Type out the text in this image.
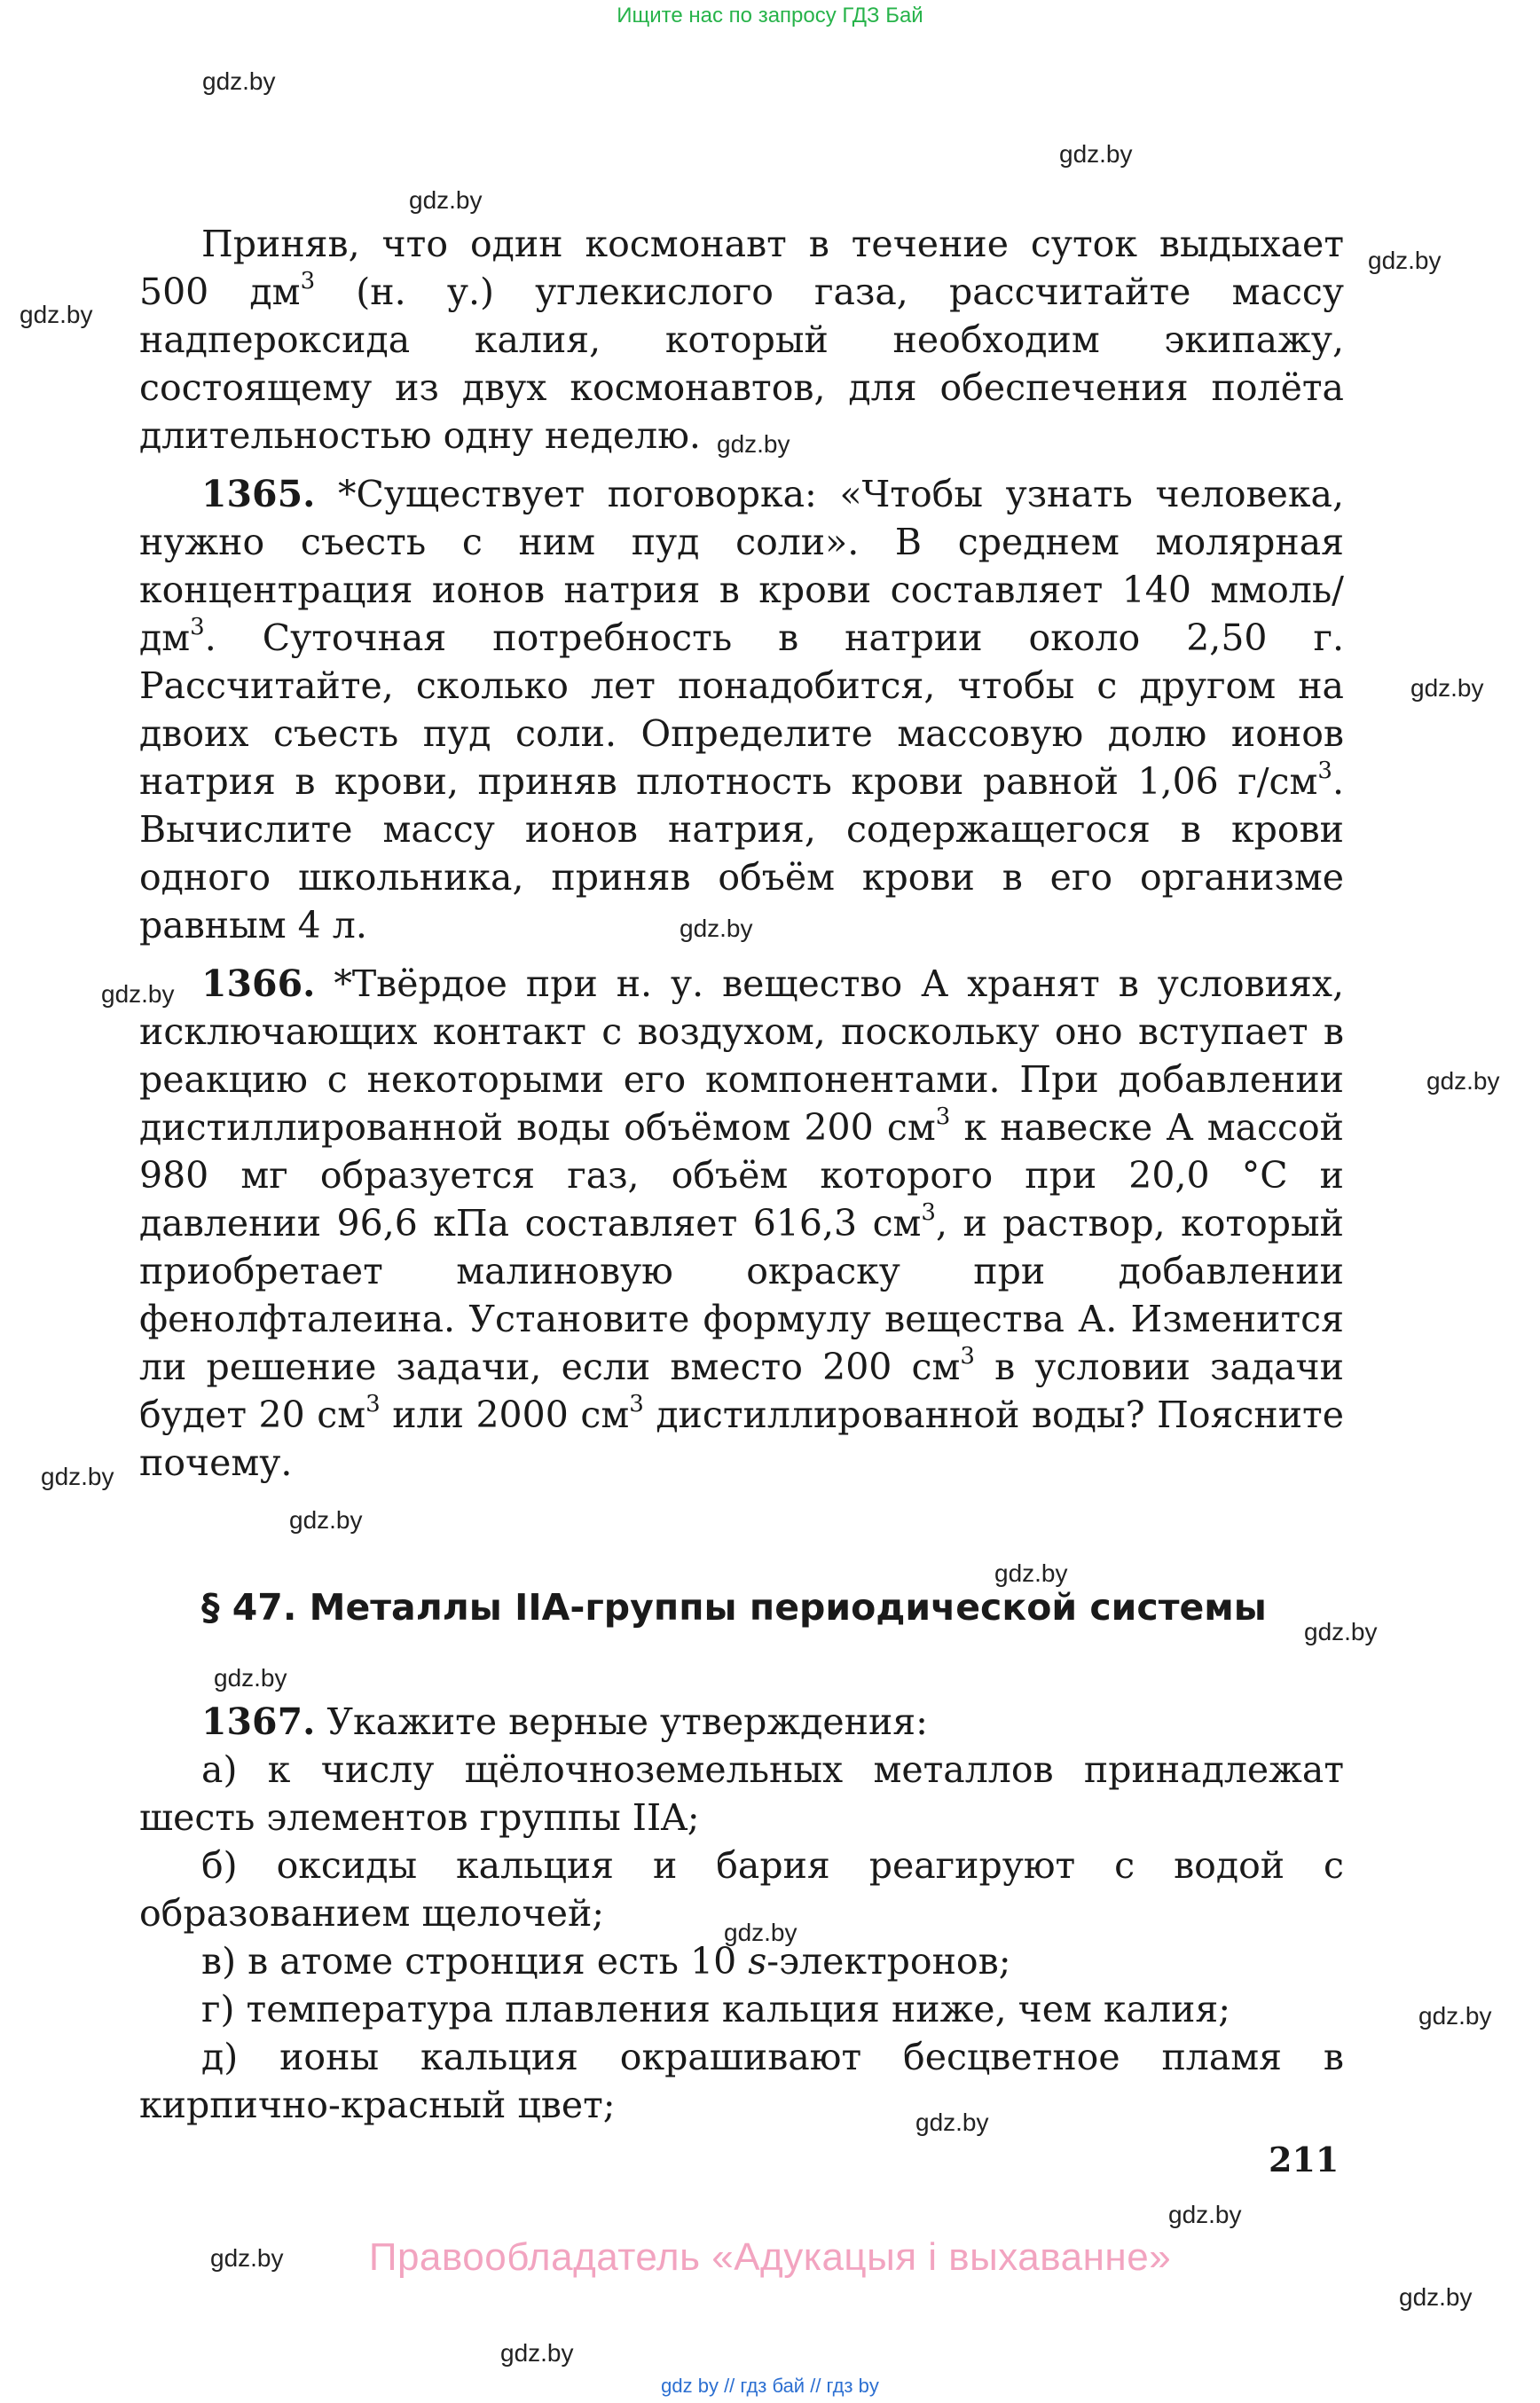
Ищите нас по запросу ГДЗ Бай
gdz.by
gdz.by
gdz.by
gdz.by
gdz.by
gdz.by
gdz.by
gdz.by
gdz.by
gdz.by
gdz.by
gdz.by
gdz.by
gdz.by
gdz.by
gdz.by
gdz.by
gdz.by
gdz.by
gdz.by
gdz.by
gdz.by

Приняв, что один космонавт в течение суток выдыхает 500 $дм^3$ (н. у.) углекислого газа, рассчитайте массу надпероксида калия, который необходим экипажу, состоящему из двух космонавтов, для обеспечения полёта длительностью одну неделю.

1365. *Существует поговорка: «Чтобы узнать человека, нужно съесть с ним пуд соли». В среднем молярная концентрация ионов натрия в крови составляет 140 ммоль/$дм^3$. Суточная потребность в натрии около 2,50 г. Рассчитайте, сколько лет понадобится, чтобы с другом на двоих съесть пуд соли. Определите массовую долю ионов натрия в крови, приняв плотность крови равной 1,06 $г/см^3$. Вычислите массу ионов натрия, содержащегося в крови одного школьника, приняв объём крови в его организме равным 4 л.

1366. *Твёрдое при н. у. вещество А хранят в условиях, исключающих контакт с воздухом, поскольку оно вступает в реакцию с некоторыми его компонентами. При добавлении дистиллированной воды объёмом 200 $см^3$ к навеске А массой 980 мг образуется газ, объём которого при 20,0 °C и давлении 96,6 кПа составляет 616,3 $см^3$, и раствор, который приобретает малиновую окраску при добавлении фенолфталеина. Установите формулу вещества А. Изменится ли решение задачи, если вместо 200 $см^3$ в условии задачи будет 20 $см^3$ или 2000 $см^3$ дистиллированной воды? Поясните почему.

§ 47. Металлы IIA-группы периодической системы

1367. Укажите верные утверждения:

а) к числу щёлочноземельных металлов принадлежат шесть элементов группы IIA;

б) оксиды кальция и бария реагируют с водой с образованием щелочей;

в) в атоме стронция есть 10 s-электронов;

г) температура плавления кальция ниже, чем калия;

д) ионы кальция окрашивают бесцветное пламя в кирпично-красный цвет;

211
Правообладатель «Адукацыя і выхаванне»
gdz by // гдз бай // гдз by
